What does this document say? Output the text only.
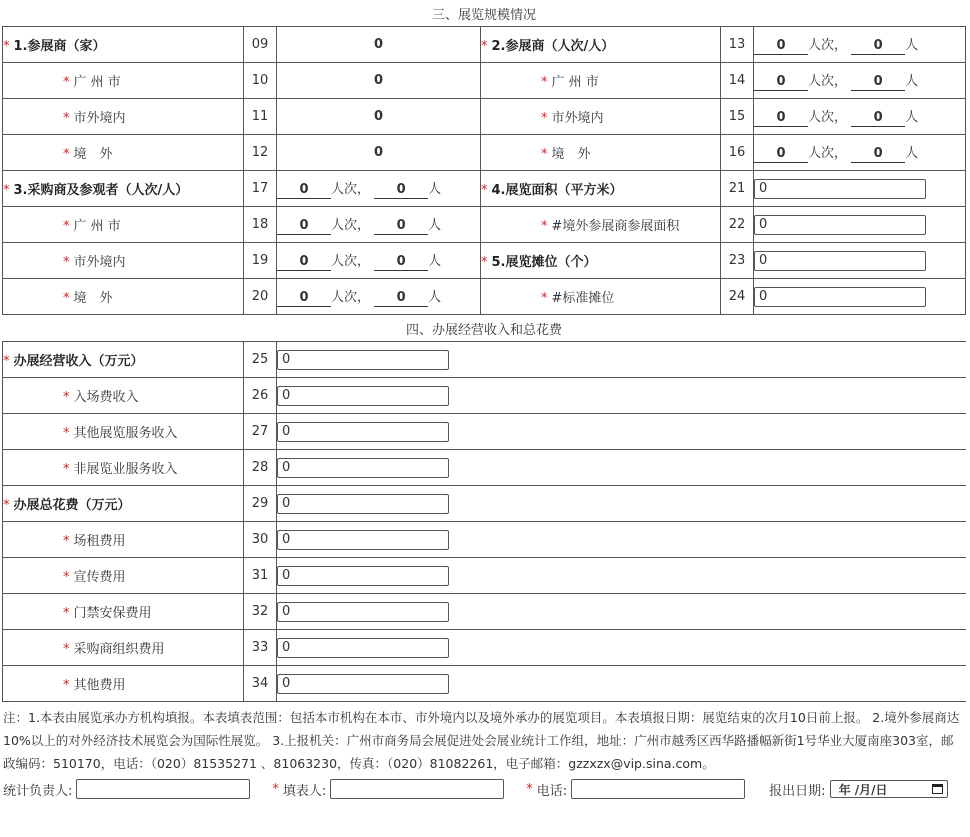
三、展览规模情况					
* 1.参展商（家）	09	0	* 2.参展商（人次/人）	13	0 人次， 0 人
* 广 州 市	10	0	* 广 州 市	14	0 人次， 0 人
* 市外境内	11	0	* 市外境内	15	0 人次， 0 人
* 境　外	12	0	* 境　外	16	0 人次， 0 人
* 3.采购商及参观者（人次/人）	17	0 人次， 0 人	* 4.展览面积（平方米）	21	0
* 广 州 市	18	0 人次， 0 人	* #境外参展商参展面积	22	0
* 市外境内	19	0 人次， 0 人	* 5.展览摊位（个）	23	0
* 境　外	20	0 人次， 0 人	* #标准摊位	24	0
四、办展经营收入和总花费					
* 办展经营收入（万元）	25	0			
* 入场费收入	26	0			
* 其他展览服务收入	27	0			
* 非展览业服务收入	28	0			
* 办展总花费（万元）	29	0			
* 场租费用	30	0			
* 宣传费用	31	0			
* 门禁安保费用	32	0			
* 采购商组织费用	33	0			
* 其他费用	34	0			
注：1.本表由展览承办方机构填报。本表填表范围：包括本市机构在本市、市外境内以及境外承办的展览项目。本表填报日期：展览结束的次月10日前上报。 2.境外参展商达10%以上的对外经济技术展览会为国际性展览。 3.上报机关：广州市商务局会展促进处会展业统计工作组，地址：广州市越秀区西华路播幅新街1号华业大厦南座303室，邮政编码：510170，电话：（020）81535271 、81063230，传真：（020）81082261，电子邮箱：gzzxzx@vip.sina.com。
统计负责人:	* 填表人:	* 电话:	报出日期: 年 /月/日
